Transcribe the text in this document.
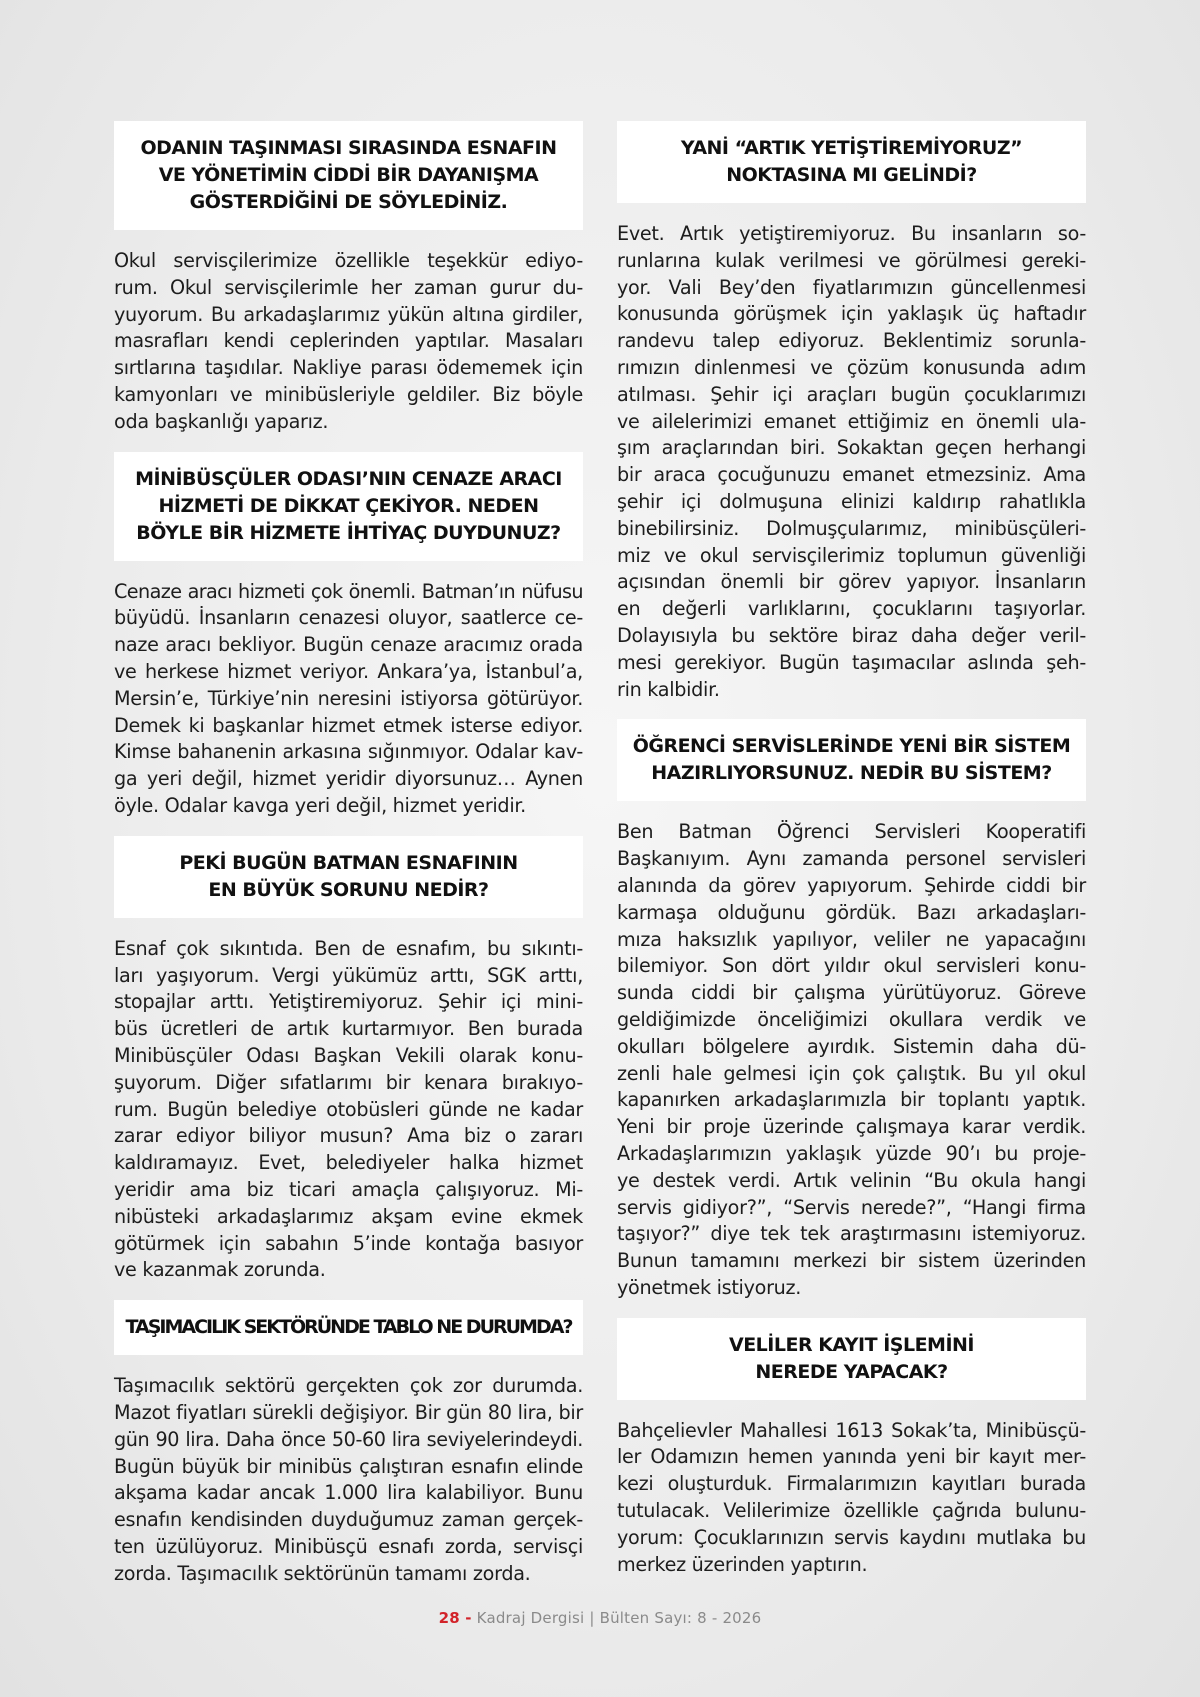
ODANIN TAŞINMASI SIRASINDA ESNAFIN
VE YÖNETİMİN CİDDİ BİR DAYANIŞMA
GÖSTERDİĞİNİ DE SÖYLEDİNİZ.
Okul servisçilerimize özellikle teşekkür ediyo-
rum. Okul servisçilerimle her zaman gurur du-
yuyorum. Bu arkadaşlarımız yükün altına girdiler,
masrafları kendi ceplerinden yaptılar. Masaları
sırtlarına taşıdılar. Nakliye parası ödememek için
kamyonları ve minibüsleriyle geldiler. Biz böyle
oda başkanlığı yaparız.
MİNİBÜSÇÜLER ODASI’NIN CENAZE ARACI
HİZMETİ DE DİKKAT ÇEKİYOR. NEDEN
BÖYLE BİR HİZMETE İHTİYAÇ DUYDUNUZ?
Cenaze aracı hizmeti çok önemli. Batman’ın nüfusu
büyüdü. İnsanların cenazesi oluyor, saatlerce ce-
naze aracı bekliyor. Bugün cenaze aracımız orada
ve herkese hizmet veriyor. Ankara’ya, İstanbul’a,
Mersin’e, Türkiye’nin neresini istiyorsa götürüyor.
Demek ki başkanlar hizmet etmek isterse ediyor.
Kimse bahanenin arkasına sığınmıyor. Odalar kav-
ga yeri değil, hizmet yeridir diyorsunuz… Aynen
öyle. Odalar kavga yeri değil, hizmet yeridir.
PEKİ BUGÜN BATMAN ESNAFININ
EN BÜYÜK SORUNU NEDİR?
Esnaf çok sıkıntıda. Ben de esnafım, bu sıkıntı-
ları yaşıyorum. Vergi yükümüz arttı, SGK arttı,
stopajlar arttı. Yetiştiremiyoruz. Şehir içi mini-
büs ücretleri de artık kurtarmıyor. Ben burada
Minibüsçüler Odası Başkan Vekili olarak konu-
şuyorum. Diğer sıfatlarımı bir kenara bırakıyo-
rum. Bugün belediye otobüsleri günde ne kadar
zarar ediyor biliyor musun? Ama biz o zararı
kaldıramayız. Evet, belediyeler halka hizmet
yeridir ama biz ticari amaçla çalışıyoruz. Mi-
nibüsteki arkadaşlarımız akşam evine ekmek
götürmek için sabahın 5’inde kontağa basıyor
ve kazanmak zorunda.
TAŞIMACILIK SEKTÖRÜNDE TABLO NE DURUMDA?
Taşımacılık sektörü gerçekten çok zor durumda.
Mazot fiyatları sürekli değişiyor. Bir gün 80 lira, bir
gün 90 lira. Daha önce 50-60 lira seviyelerindeydi.
Bugün büyük bir minibüs çalıştıran esnafın elinde
akşama kadar ancak 1.000 lira kalabiliyor. Bunu
esnafın kendisinden duyduğumuz zaman gerçek-
ten üzülüyoruz. Minibüsçü esnafı zorda, servisçi
zorda. Taşımacılık sektörünün tamamı zorda.
YANİ “ARTIK YETİŞTİREMİYORUZ”
NOKTASINA MI GELİNDİ?
Evet. Artık yetiştiremiyoruz. Bu insanların so-
runlarına kulak verilmesi ve görülmesi gereki-
yor. Vali Bey’den fiyatlarımızın güncellenmesi
konusunda görüşmek için yaklaşık üç haftadır
randevu talep ediyoruz. Beklentimiz sorunla-
rımızın dinlenmesi ve çözüm konusunda adım
atılması. Şehir içi araçları bugün çocuklarımızı
ve ailelerimizi emanet ettiğimiz en önemli ula-
şım araçlarından biri. Sokaktan geçen herhangi
bir araca çocuğunuzu emanet etmezsiniz. Ama
şehir içi dolmuşuna elinizi kaldırıp rahatlıkla
binebilirsiniz. Dolmuşçularımız, minibüsçüleri-
miz ve okul servisçilerimiz toplumun güvenliği
açısından önemli bir görev yapıyor. İnsanların
en değerli varlıklarını, çocuklarını taşıyorlar.
Dolayısıyla bu sektöre biraz daha değer veril-
mesi gerekiyor. Bugün taşımacılar aslında şeh-
rin kalbidir.
ÖĞRENCİ SERVİSLERİNDE YENİ BİR SİSTEM
HAZIRLIYORSUNUZ. NEDİR BU SİSTEM?
Ben Batman Öğrenci Servisleri Kooperatifi
Başkanıyım. Aynı zamanda personel servisleri
alanında da görev yapıyorum. Şehirde ciddi bir
karmaşa olduğunu gördük. Bazı arkadaşları-
mıza haksızlık yapılıyor, veliler ne yapacağını
bilemiyor. Son dört yıldır okul servisleri konu-
sunda ciddi bir çalışma yürütüyoruz. Göreve
geldiğimizde önceliğimizi okullara verdik ve
okulları bölgelere ayırdık. Sistemin daha dü-
zenli hale gelmesi için çok çalıştık. Bu yıl okul
kapanırken arkadaşlarımızla bir toplantı yaptık.
Yeni bir proje üzerinde çalışmaya karar verdik.
Arkadaşlarımızın yaklaşık yüzde 90’ı bu proje-
ye destek verdi. Artık velinin “Bu okula hangi
servis gidiyor?”, “Servis nerede?”, “Hangi firma
taşıyor?” diye tek tek araştırmasını istemiyoruz.
Bunun tamamını merkezi bir sistem üzerinden
yönetmek istiyoruz.
VELİLER KAYIT İŞLEMİNİ
NEREDE YAPACAK?
Bahçelievler Mahallesi 1613 Sokak’ta, Minibüsçü-
ler Odamızın hemen yanında yeni bir kayıt mer-
kezi oluşturduk. Firmalarımızın kayıtları burada
tutulacak. Velilerimize özellikle çağrıda bulunu-
yorum: Çocuklarınızın servis kaydını mutlaka bu
merkez üzerinden yaptırın.
28 - Kadraj Dergisi | Bülten Sayı: 8 - 2026
